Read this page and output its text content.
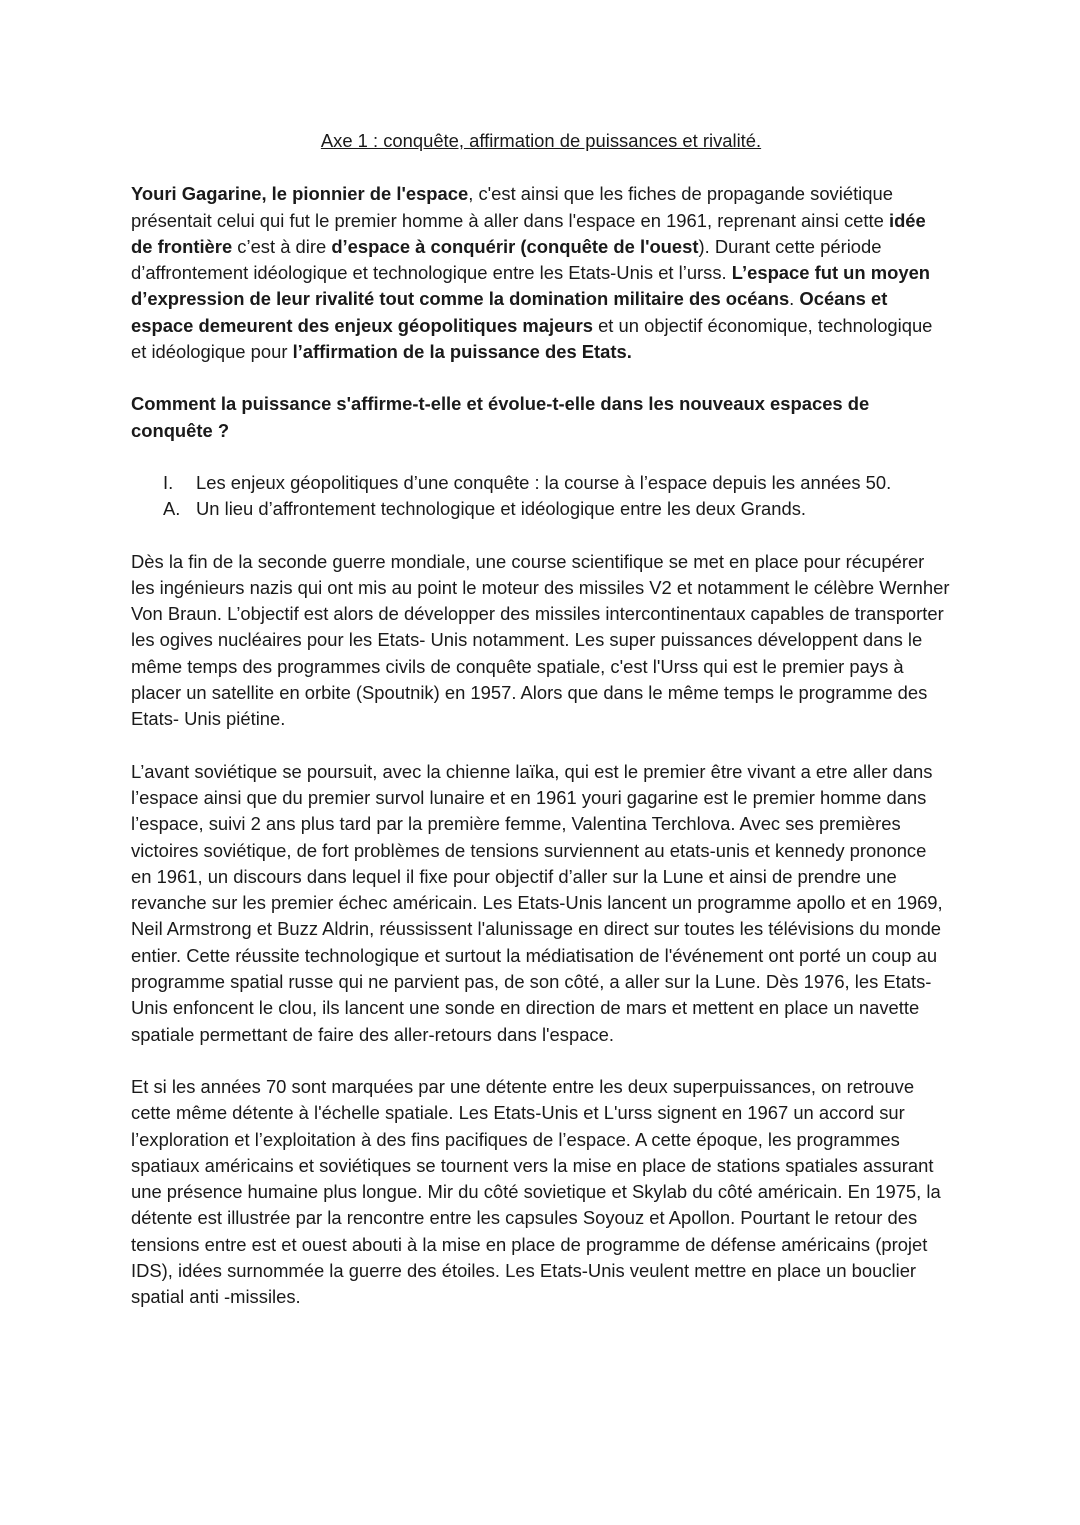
Axe 1 : conquête, affirmation de puissances et rivalité.

Youri Gagarine, le pionnier de l'espace, c'est ainsi que les fiches de propagande soviétique présentait celui qui fut le premier homme à aller dans l'espace en 1961, reprenant ainsi cette idée de frontière c’est à dire d’espace à conquérir (conquête de l'ouest). Durant cette période d’affrontement idéologique et technologique entre les Etats-Unis et l’urss. L’espace fut un moyen d’expression de leur rivalité tout comme la domination militaire des océans. Océans et espace demeurent des enjeux géopolitiques majeurs et un objectif économique, technologique et idéologique pour l’affirmation de la puissance des Etats.

Comment la puissance s'affirme-t-elle et évolue-t-elle dans les nouveaux espaces de conquête ?

I.	Les enjeux géopolitiques d’une conquête : la course à l’espace depuis les années 50.
A. Un lieu d’affrontement technologique et idéologique entre les deux Grands.

Dès la fin de la seconde guerre mondiale, une course scientifique se met en place pour récupérer les ingénieurs nazis qui ont mis au point le moteur des missiles V2 et notamment le célèbre Wernher Von Braun. L’objectif est alors de développer des missiles intercontinentaux capables de transporter les ogives nucléaires pour les Etats- Unis notamment. Les super puissances développent dans le même temps des programmes civils de conquête spatiale, c'est l'Urss qui est le premier pays à placer un satellite en orbite (Spoutnik) en 1957. Alors que dans le même temps le programme des Etats- Unis piétine.

L’avant soviétique se poursuit, avec la chienne laïka, qui est le premier être vivant a etre aller dans l’espace ainsi que du premier survol lunaire et en 1961 youri gagarine est le premier homme dans l’espace, suivi 2 ans plus tard par la première femme, Valentina Terchlova. Avec ses premières victoires soviétique, de fort problèmes de tensions surviennent au etats-unis et kennedy prononce en 1961, un discours dans lequel il fixe pour objectif d’aller sur la Lune et ainsi de prendre une revanche sur les premier échec américain. Les Etats-Unis lancent un programme apollo et en 1969, Neil Armstrong et Buzz Aldrin, réussissent l'alunissage en direct sur toutes les télévisions du monde entier. Cette réussite technologique et surtout la médiatisation de l'événement ont porté un coup au programme spatial russe qui ne parvient pas, de son côté, a aller sur la Lune. Dès 1976, les Etats-Unis enfoncent le clou, ils lancent une sonde en direction de mars et mettent en place un navette spatiale permettant de faire des aller-retours dans l'espace.

Et si les années 70 sont marquées par une détente entre les deux superpuissances, on retrouve cette même détente à l'échelle spatiale. Les Etats-Unis et L'urss signent en 1967 un accord sur l’exploration et l’exploitation à des fins pacifiques de l’espace. A cette époque, les programmes spatiaux américains et soviétiques se tournent vers la mise en place de stations spatiales assurant une présence humaine plus longue. Mir du côté sovietique et Skylab du côté américain. En 1975, la détente est illustrée par la rencontre entre les capsules Soyouz et Apollon. Pourtant le retour des tensions entre est et ouest abouti à la mise en place de programme de défense américains (projet IDS), idées surnommée la guerre des étoiles. Les Etats-Unis veulent mettre en place un bouclier spatial anti -missiles.
